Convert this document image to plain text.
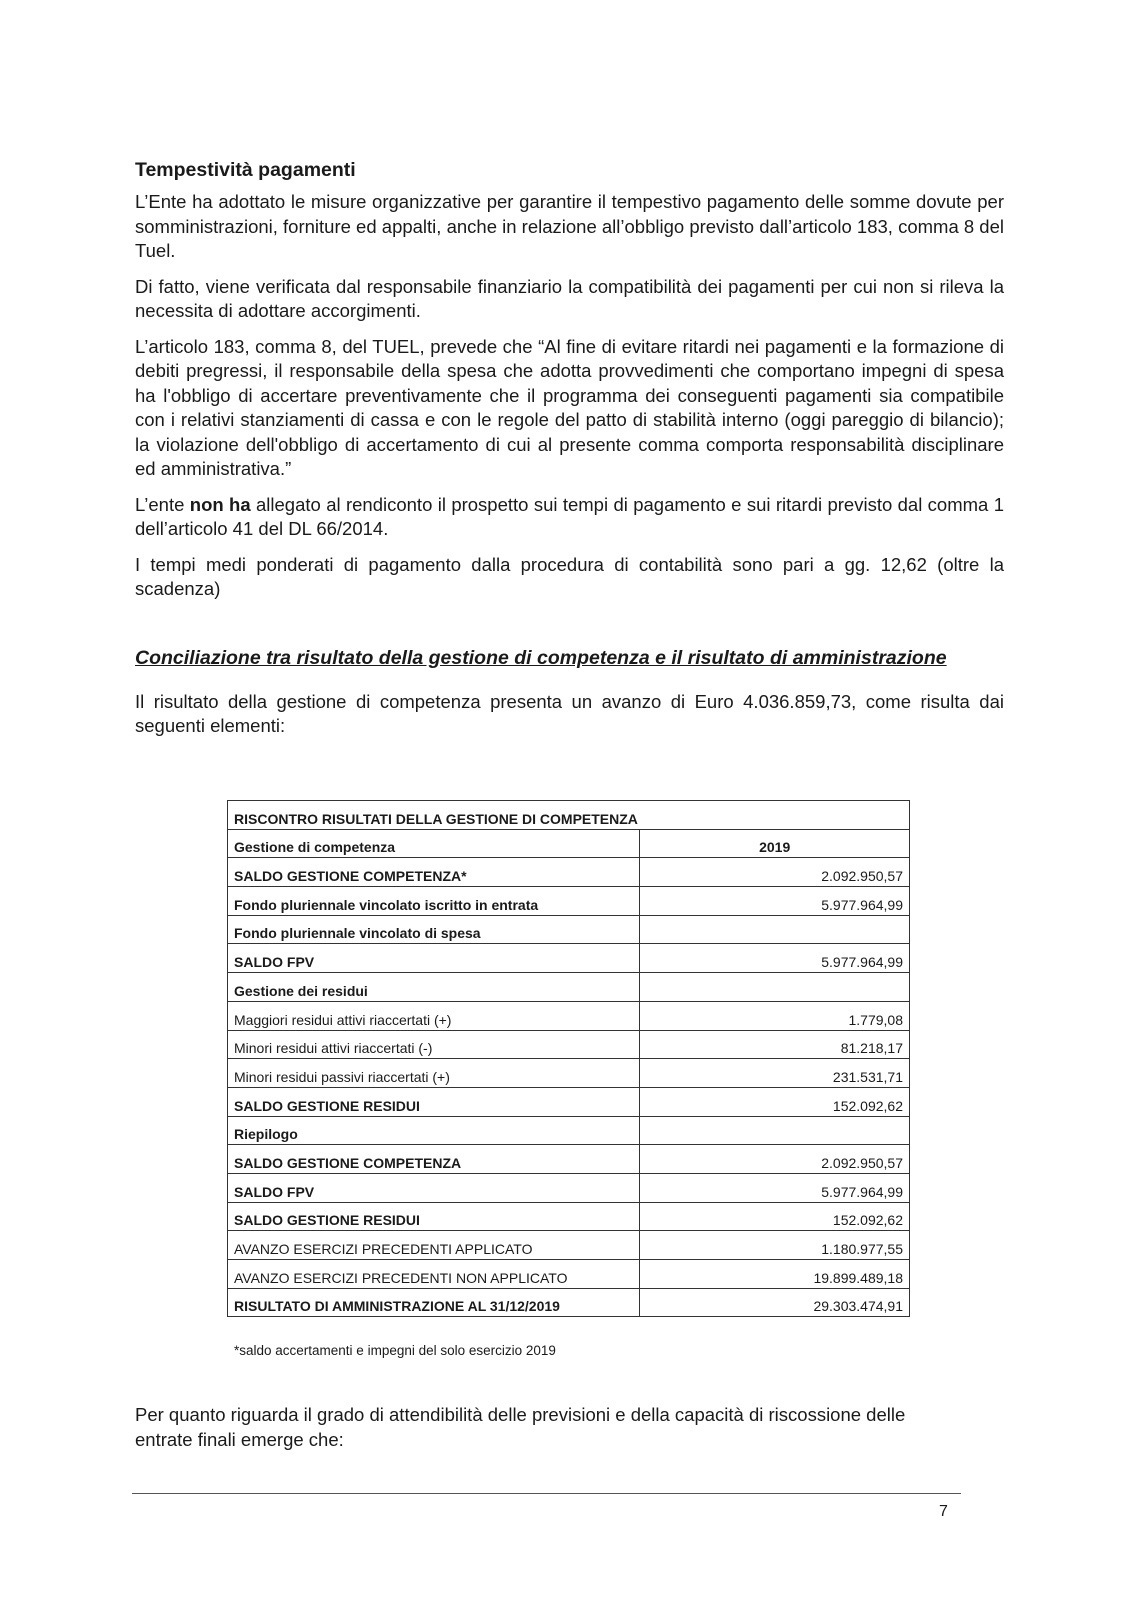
Tempestività pagamenti

L’Ente ha adottato le misure organizzative per garantire il tempestivo pagamento delle somme dovute per somministrazioni, forniture ed appalti, anche in relazione all’obbligo previsto dall’articolo 183, comma 8 del Tuel.

Di fatto, viene verificata dal responsabile finanziario la compatibilità dei pagamenti per cui non si rileva la necessita di adottare accorgimenti.

L’articolo 183, comma 8, del TUEL, prevede che “Al fine di evitare ritardi nei pagamenti e la formazione di debiti pregressi, il responsabile della spesa che adotta provvedimenti che comportano impegni di spesa ha l'obbligo di accertare preventivamente che il programma dei conseguenti pagamenti sia compatibile con i relativi stanziamenti di cassa e con le regole del patto di stabilità interno (oggi pareggio di bilancio); la violazione dell'obbligo di accertamento di cui al presente comma comporta responsabilità disciplinare ed amministrativa.”

L’ente non ha allegato al rendiconto il prospetto sui tempi di pagamento e sui ritardi previsto dal comma 1 dell’articolo 41 del DL 66/2014.

I tempi medi ponderati di pagamento dalla procedura di contabilità sono pari a gg. 12,62 (oltre la scadenza)

Conciliazione tra risultato della gestione di competenza e il risultato di amministrazione

Il risultato della gestione di competenza presenta un avanzo di Euro 4.036.859,73, come risulta dai seguenti elementi:

RISCONTRO RISULTATI DELLA GESTIONE DI COMPETENZA	
Gestione di competenza	2019
SALDO GESTIONE COMPETENZA*	2.092.950,57
Fondo pluriennale vincolato iscritto in entrata	5.977.964,99
Fondo pluriennale vincolato di spesa	
SALDO FPV	5.977.964,99
Gestione dei residui	
Maggiori residui attivi riaccertati (+)	1.779,08
Minori residui attivi riaccertati (-)	81.218,17
Minori residui passivi riaccertati (+)	231.531,71
SALDO GESTIONE RESIDUI	152.092,62
Riepilogo	
SALDO GESTIONE COMPETENZA	2.092.950,57
SALDO FPV	5.977.964,99
SALDO GESTIONE RESIDUI	152.092,62
AVANZO ESERCIZI PRECEDENTI APPLICATO	1.180.977,55
AVANZO ESERCIZI PRECEDENTI NON APPLICATO	19.899.489,18
RISULTATO DI AMMINISTRAZIONE AL 31/12/2019	29.303.474,91
*saldo accertamenti e impegni del solo esercizio 2019

Per quanto riguarda il grado di attendibilità delle previsioni e della capacità di riscossione delle entrate finali emerge che:

7
